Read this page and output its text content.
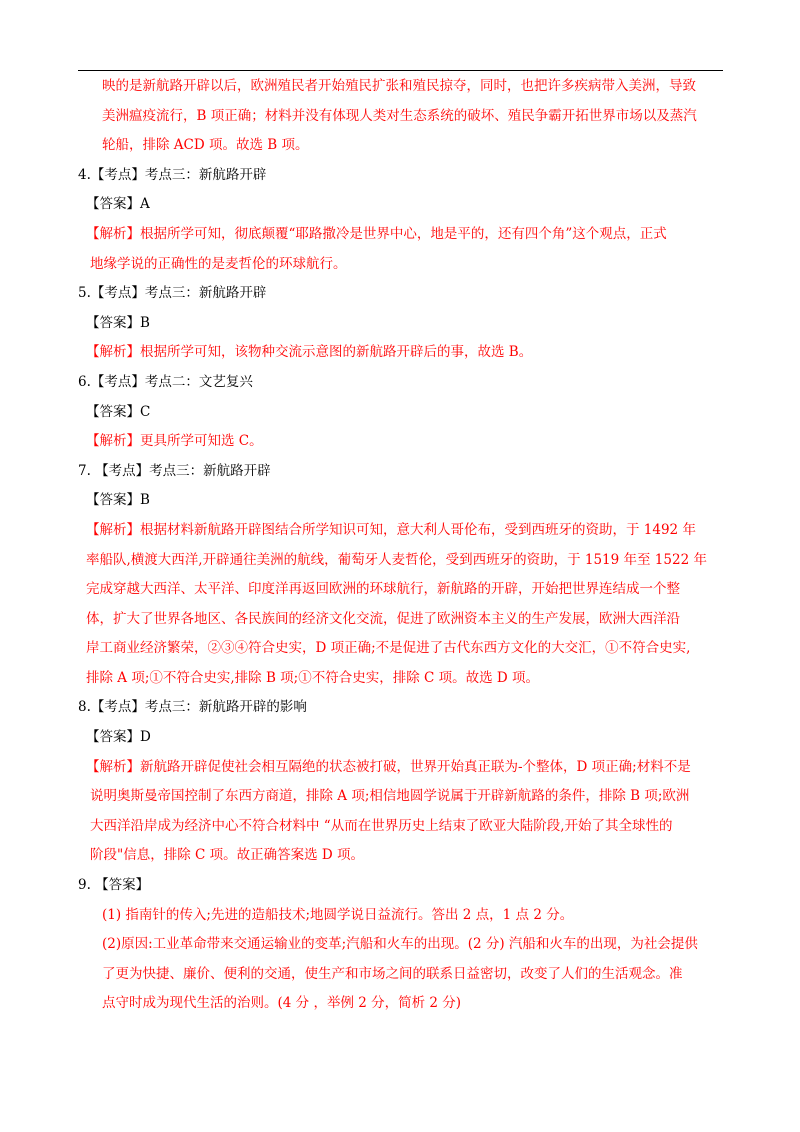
映的是新航路开辟以后，欧洲殖民者开始殖民扩张和殖民掠夺，同时，也把许多疾病带入美洲，导致
美洲瘟疫流行，B 项正确；材料并没有体现人类对生态系统的破坏、殖民争霸开拓世界市场以及蒸汽
轮船，排除 ACD 项。故选 B 项。
4.【考点】考点三：新航路开辟
【答案】A
【解析】根据所学可知，彻底颠覆“耶路撒冷是世界中心，地是平的，还有四个角”这个观点，正式
地缘学说的正确性的是麦哲伦的环球航行。
5.【考点】考点三：新航路开辟
【答案】B
【解析】根据所学可知，该物种交流示意图的新航路开辟后的事，故选 B。
6.【考点】考点二：文艺复兴
【答案】C
【解析】更具所学可知选 C。
7. 【考点】考点三：新航路开辟
【答案】B
【解析】根据材料新航路开辟图结合所学知识可知，意大利人哥伦布，受到西班牙的资助，于 1492 年
率船队,横渡大西洋,开辟通往美洲的航线，葡萄牙人麦哲伦，受到西班牙的资助，于 1519 年至 1522 年
完成穿越大西洋、太平洋、印度洋再返回欧洲的环球航行，新航路的开辟，开始把世界连结成一个整
体，扩大了世界各地区、各民族间的经济文化交流，促进了欧洲资本主义的生产发展，欧洲大西洋沿
岸工商业经济繁荣，②③④符合史实，D 项正确;不是促进了古代东西方文化的大交汇，①不符合史实,
排除 A 项;①不符合史实,排除 B 项;①不符合史实，排除 C 项。故选 D 项。
8.【考点】考点三：新航路开辟的影响
【答案】D
【解析】新航路开辟促使社会相互隔绝的状态被打破，世界开始真正联为-个整体，D 项正确;材料不是
说明奥斯曼帝国控制了东西方商道，排除 A 项;相信地圆学说属于开辟新航路的条件，排除 B 项;欧洲
大西洋沿岸成为经济中心不符合材料中 “从而在世界历史上结束了欧亚大陆阶段,开始了其全球性的
阶段"信息，排除 C 项。故正确答案选 D 项。
9. 【答案】
(1) 指南针的传入;先进的造船技术;地圆学说日益流行。答出 2 点，1 点 2 分。
(2)原因:工业革命带来交通运输业的变革;汽船和火车的出现。(2 分) 汽船和火车的出现，为社会提供
了更为快捷、廉价、便利的交通，使生产和市场之间的联系日益密切，改变了人们的生活观念。准
点守时成为现代生活的治则。(4 分 ，举例 2 分，简析 2 分)
